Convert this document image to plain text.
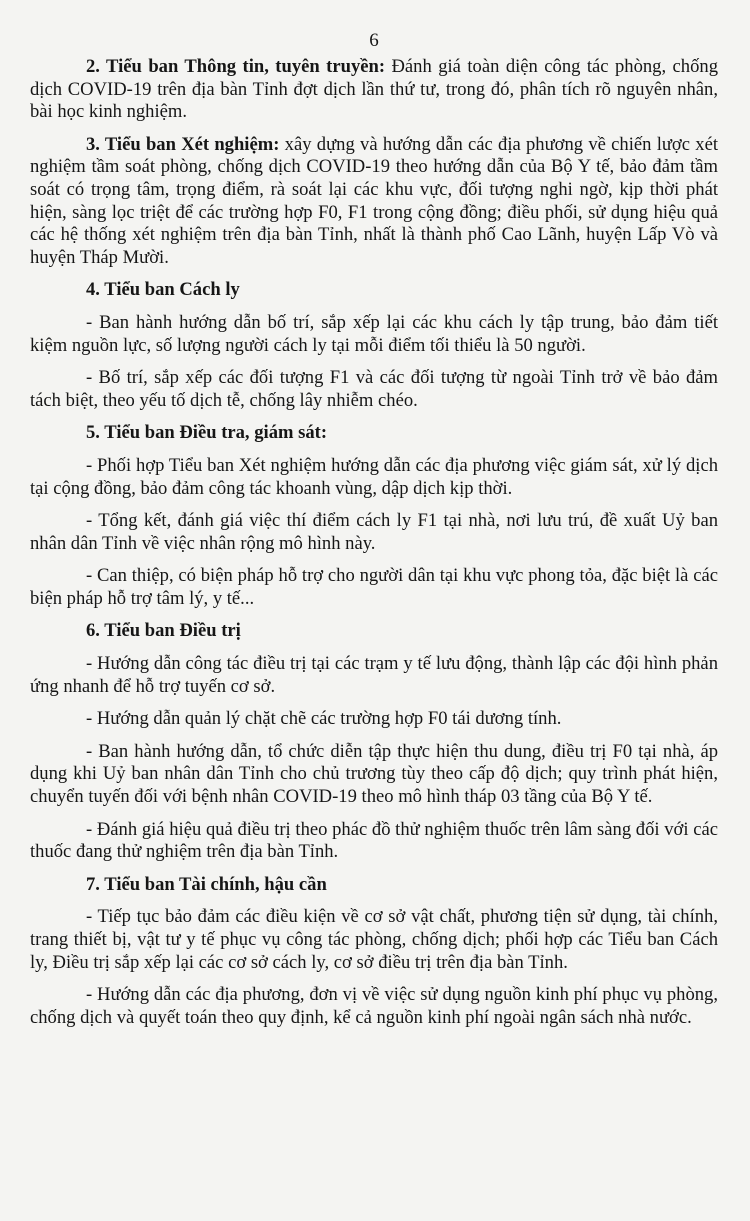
6

2. Tiểu ban Thông tin, tuyên truyền: Đánh giá toàn diện công tác phòng, chống dịch COVID-19 trên địa bàn Tỉnh đợt dịch lần thứ tư, trong đó, phân tích rõ nguyên nhân, bài học kinh nghiệm.

3. Tiểu ban Xét nghiệm: xây dựng và hướng dẫn các địa phương về chiến lược xét nghiệm tầm soát phòng, chống dịch COVID-19 theo hướng dẫn của Bộ Y tế, bảo đảm tầm soát có trọng tâm, trọng điểm, rà soát lại các khu vực, đối tượng nghi ngờ, kịp thời phát hiện, sàng lọc triệt để các trường hợp F0, F1 trong cộng đồng; điều phối, sử dụng hiệu quả các hệ thống xét nghiệm trên địa bàn Tỉnh, nhất là thành phố Cao Lãnh, huyện Lấp Vò và huyện Tháp Mười.

4. Tiểu ban Cách ly

- Ban hành hướng dẫn bố trí, sắp xếp lại các khu cách ly tập trung, bảo đảm tiết kiệm nguồn lực, số lượng người cách ly tại mỗi điểm tối thiểu là 50 người.

- Bố trí, sắp xếp các đối tượng F1 và các đối tượng từ ngoài Tỉnh trở về bảo đảm tách biệt, theo yếu tố dịch tễ, chống lây nhiễm chéo.

5. Tiểu ban Điều tra, giám sát:

- Phối hợp Tiểu ban Xét nghiệm hướng dẫn các địa phương việc giám sát, xử lý dịch tại cộng đồng, bảo đảm công tác khoanh vùng, dập dịch kịp thời.

- Tổng kết, đánh giá việc thí điểm cách ly F1 tại nhà, nơi lưu trú, đề xuất Uỷ ban nhân dân Tỉnh về việc nhân rộng mô hình này.

- Can thiệp, có biện pháp hỗ trợ cho người dân tại khu vực phong tỏa, đặc biệt là các biện pháp hỗ trợ tâm lý, y tế...

6. Tiểu ban Điều trị

- Hướng dẫn công tác điều trị tại các trạm y tế lưu động, thành lập các đội hình phản ứng nhanh để hỗ trợ tuyến cơ sở.

- Hướng dẫn quản lý chặt chẽ các trường hợp F0 tái dương tính.

- Ban hành hướng dẫn, tổ chức diễn tập thực hiện thu dung, điều trị F0 tại nhà, áp dụng khi Uỷ ban nhân dân Tỉnh cho chủ trương tùy theo cấp độ dịch; quy trình phát hiện, chuyển tuyến đối với bệnh nhân COVID-19 theo mô hình tháp 03 tầng của Bộ Y tế.

- Đánh giá hiệu quả điều trị theo phác đồ thử nghiệm thuốc trên lâm sàng đối với các thuốc đang thử nghiệm trên địa bàn Tỉnh.

7. Tiểu ban Tài chính, hậu cần

- Tiếp tục bảo đảm các điều kiện về cơ sở vật chất, phương tiện sử dụng, tài chính, trang thiết bị, vật tư y tế phục vụ công tác phòng, chống dịch; phối hợp các Tiểu ban Cách ly, Điều trị sắp xếp lại các cơ sở cách ly, cơ sở điều trị trên địa bàn Tỉnh.

- Hướng dẫn các địa phương, đơn vị về việc sử dụng nguồn kinh phí phục vụ phòng, chống dịch và quyết toán theo quy định, kể cả nguồn kinh phí ngoài ngân sách nhà nước.
